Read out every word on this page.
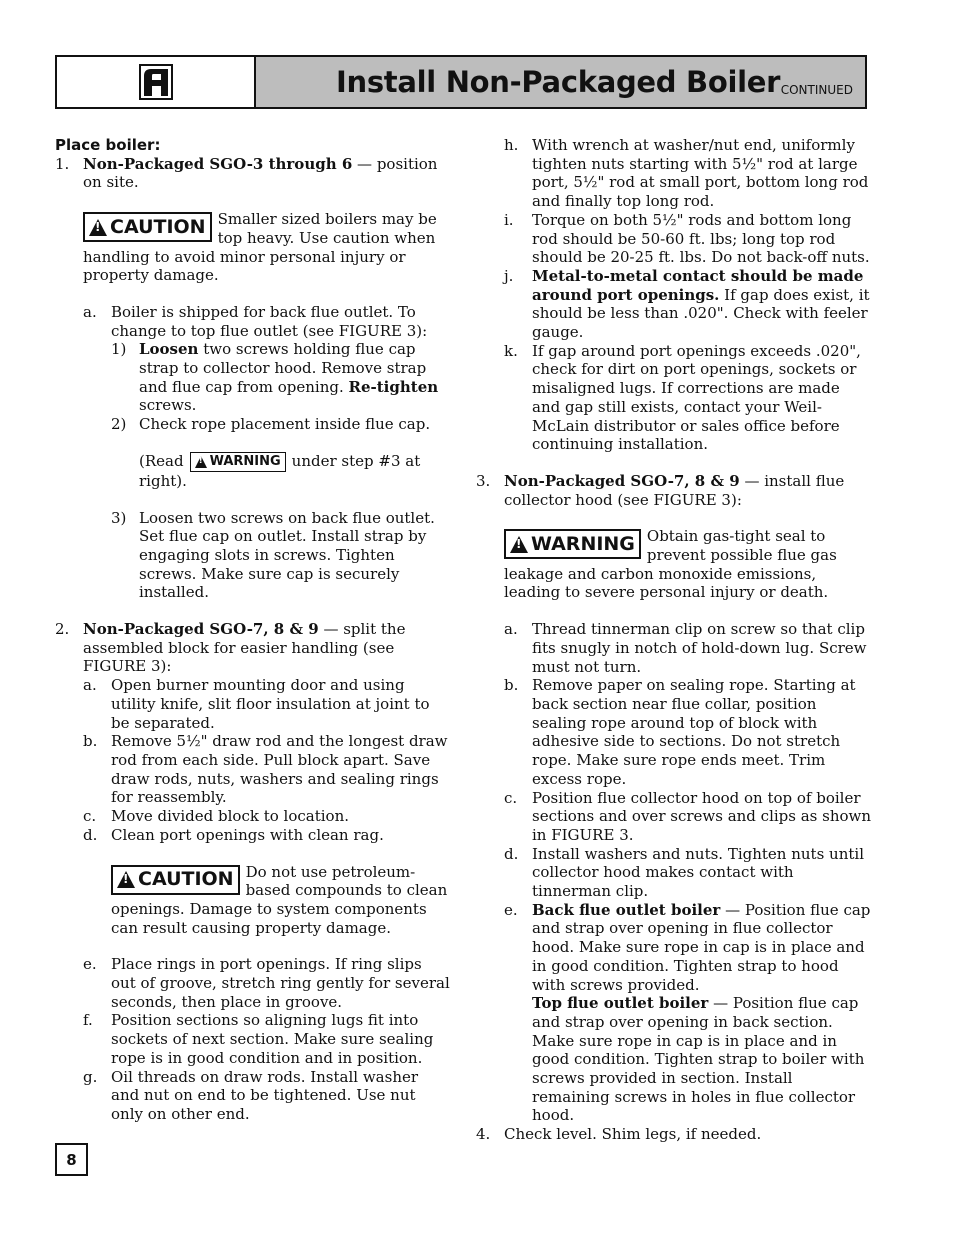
Install Non-Packaged Boiler CONTINUED

Place boiler:

1. Non-Packaged SGO-3 through 6 — position on site.
!
CAUTION Smaller sized boilers may be top heavy. Use caution when handling to avoid minor personal injury or property damage.
a. Boiler is shipped for back flue outlet. To change to top flue outlet (see FIGURE 3):
1) Loosen two screws holding flue cap strap to collector hood. Remove strap and flue cap from opening. Re-tighten screws.
2) Check rope placement inside flue cap.
(Read
! WARNING under step #3 at right).
3) Loosen two screws on back flue outlet. Set flue cap on outlet. Install strap by engaging slots in screws. Tighten screws. Make sure cap is securely installed.
2. Non-Packaged SGO-7, 8 & 9 — split the assembled block for easier handling (see FIGURE 3):
a. Open burner mounting door and using utility knife, slit floor insulation at joint to be separated.
b. Remove 5½" draw rod and the longest draw rod from each side. Pull block apart. Save draw rods, nuts, washers and sealing rings for reassembly.
c. Move divided block to location.
d. Clean port openings with clean rag.
!
CAUTION Do not use petroleum-based compounds to clean openings. Damage to system components can result causing property damage.
e. Place rings in port openings. If ring slips out of groove, stretch ring gently for several seconds, then place in groove.
f. Position sections so aligning lugs fit into sockets of next section. Make sure sealing rope is in good condition and in position.
g. Oil threads on draw rods. Install washer and nut on end to be tightened. Use nut only on other end.
h. With wrench at washer/nut end, uniformly tighten nuts starting with 5½" rod at large port, 5½" rod at small port, bottom long rod and finally top long rod.
i. Torque on both 5½" rods and bottom long rod should be 50-60 ft. lbs; long top rod should be 20-25 ft. lbs. Do not back-off nuts.
j. Metal-to-metal contact should be made around port openings. If gap does exist, it should be less than .020". Check with feeler gauge.
k. If gap around port openings exceeds .020", check for dirt on port openings, sockets or misaligned lugs. If corrections are made and gap still exists, contact your Weil-McLain distributor or sales office before continuing installation.
3. Non-Packaged SGO-7, 8 & 9 — install flue collector hood (see FIGURE 3):
!
WARNING Obtain gas-tight seal to prevent possible flue gas leakage and carbon monoxide emissions, leading to severe personal injury or death.
a. Thread tinnerman clip on screw so that clip fits snugly in notch of hold-down lug. Screw must not turn.
b. Remove paper on sealing rope. Starting at back section near flue collar, position sealing rope around top of block with adhesive side to sections. Do not stretch rope. Make sure rope ends meet. Trim excess rope.
c. Position flue collector hood on top of boiler sections and over screws and clips as shown in FIGURE 3.
d. Install washers and nuts. Tighten nuts until collector hood makes contact with tinnerman clip.
e. Back flue outlet boiler — Position flue cap and strap over opening in flue collector hood. Make sure rope in cap is in place and in good condition. Tighten strap to hood with screws provided.
Top flue outlet boiler — Position flue cap and strap over opening in back section. Make sure rope in cap is in place and in good condition. Tighten strap to boiler with screws provided in section. Install remaining screws in holes in flue collector hood.
4. Check level. Shim legs, if needed.
8
